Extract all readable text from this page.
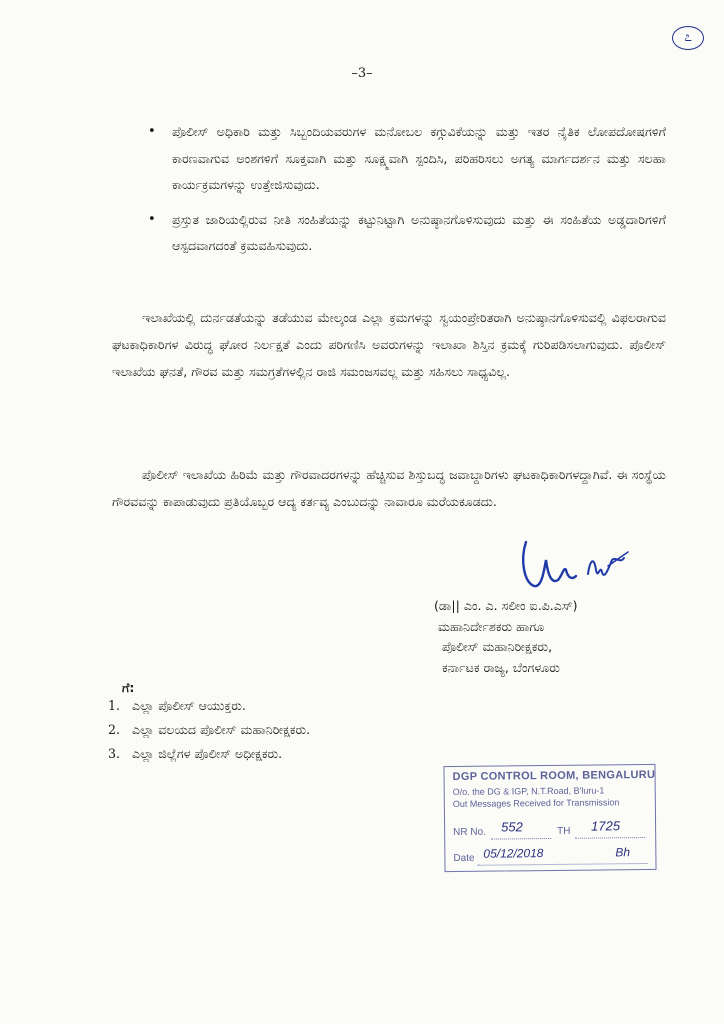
೭
–3–
• ಪೊಲೀಸ್ ಅಧಿಕಾರಿ ಮತ್ತು ಸಿಬ್ಬಂದಿಯವರುಗಳ ಮನೋಬಲ ಕಗ್ಗುವಿಕೆಯನ್ನು ಮತ್ತು ಇತರ ನೈತಿಕ ಲೋಪದೋಷಗಳಿಗೆ ಕಾರಣವಾಗುವ ಅಂಶಗಳಿಗೆ ಸೂಕ್ತವಾಗಿ ಮತ್ತು ಸೂಕ್ಷ್ಮವಾಗಿ ಸ್ಪಂದಿಸಿ, ಪರಿಹರಿಸಲು ಅಗತ್ಯ ಮಾರ್ಗದರ್ಶನ ಮತ್ತು ಸಲಹಾ ಕಾರ್ಯಕ್ರಮಗಳನ್ನು ಉತ್ತೇಜಿಸುವುದು.
• ಪ್ರಸ್ತುತ ಜಾರಿಯಲ್ಲಿರುವ ನೀತಿ ಸಂಹಿತೆಯನ್ನು ಕಟ್ಟುನಿಟ್ಟಾಗಿ ಅನುಷ್ಠಾನಗೊಳಿಸುವುದು ಮತ್ತು ಈ ಸಂಹಿತೆಯ ಅಡ್ಡದಾರಿಗಳಿಗೆ ಆಸ್ಪದವಾಗದಂತೆ ಕ್ರಮವಹಿಸುವುದು.
ಇಲಾಖೆಯಲ್ಲಿ ದುರ್ನಡತೆಯನ್ನು ತಡೆಯುವ ಮೇಲ್ಕಂಡ ಎಲ್ಲಾ ಕ್ರಮಗಳನ್ನು ಸ್ವಯಂಪ್ರೇರಿತರಾಗಿ ಅನುಷ್ಠಾನಗೊಳಿಸುವಲ್ಲಿ ವಿಫಲರಾಗುವ ಘಟಕಾಧಿಕಾರಿಗಳ ವಿರುದ್ಧ ಘೋರ ನಿರ್ಲಕ್ಷತೆ ಎಂದು ಪರಿಗಣಿಸಿ ಅವರುಗಳನ್ನು ಇಲಾಖಾ ಶಿಸ್ತಿನ ಕ್ರಮಕ್ಕೆ ಗುರಿಪಡಿಸಲಾಗುವುದು. ಪೊಲೀಸ್ ಇಲಾಖೆಯ ಘನತೆ, ಗೌರವ ಮತ್ತು ಸಮಗ್ರತೆಗಳಲ್ಲಿನ ರಾಜಿ ಸಮಂಜಸವಲ್ಲ ಮತ್ತು ಸಹಿಸಲು ಸಾಧ್ಯವಿಲ್ಲ.
ಪೊಲೀಸ್ ಇಲಾಖೆಯ ಹಿರಿಮೆ ಮತ್ತು ಗೌರವಾದರಗಳನ್ನು ಹೆಚ್ಚಿಸುವ ಶಿಸ್ತುಬದ್ಧ ಜವಾಬ್ದಾರಿಗಳು ಘಟಕಾಧಿಕಾರಿಗಳದ್ದಾಗಿವೆ. ಈ ಸಂಸ್ಥೆಯ ಗೌರವವನ್ನು ಕಾಪಾಡುವುದು ಪ್ರತಿಯೊಬ್ಬರ ಆದ್ಯ ಕರ್ತವ್ಯ ಎಂಬುದನ್ನು ನಾವಾರೂ ಮರೆಯಕೂಡದು.
(ಡಾ|| ಎಂ. ಎ. ಸಲೀಂ ಐ.ಪಿ.ಎಸ್)
ಮಹಾನಿರ್ದೇಶಕರು ಹಾಗೂ
ಪೊಲೀಸ್ ಮಹಾನಿರೀಕ್ಷಕರು,
ಕರ್ನಾಟಕ ರಾಜ್ಯ, ಬೆಂಗಳೂರು
ಗೆ:
1. ಎಲ್ಲಾ ಪೊಲೀಸ್ ಆಯುಕ್ತರು.
2. ಎಲ್ಲಾ ವಲಯದ ಪೊಲೀಸ್ ಮಹಾನಿರೀಕ್ಷಕರು.
3. ಎಲ್ಲಾ ಜಿಲ್ಲೆಗಳ ಪೊಲೀಸ್ ಅಧೀಕ್ಷಕರು.
DGP CONTROL ROOM, BENGALURU
O/o. the DG & IGP, N.T.Road, B'luru-1
Out Messages Received for Transmission
NR No. 552	TH 1725
Date 05/12/2018	Bh
